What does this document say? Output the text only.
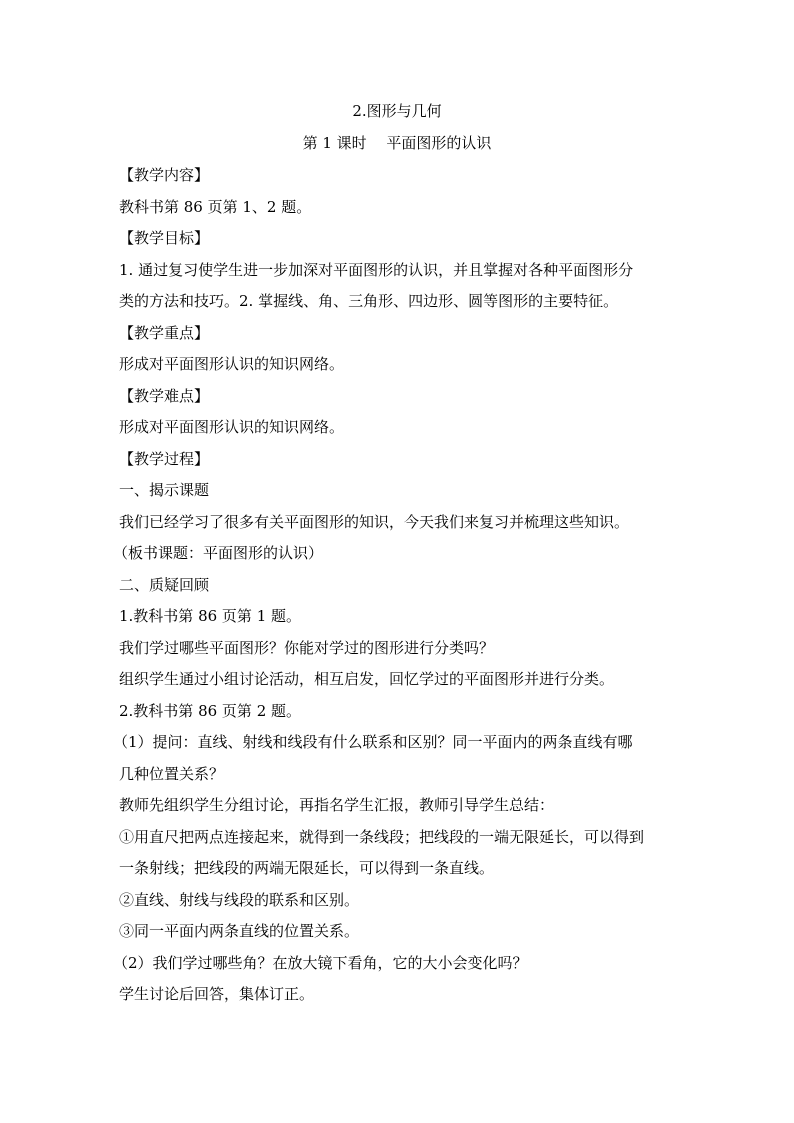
2.图形与几何
第 1 课时　 平面图形的认识
【教学内容】
教科书第 86 页第 1、2 题。
【教学目标】
1. 通过复习使学生进一步加深对平面图形的认识，并且掌握对各种平面图形分
类的方法和技巧。2. 掌握线、角、三角形、四边形、圆等图形的主要特征。
【教学重点】
形成对平面图形认识的知识网络。
【教学难点】
形成对平面图形认识的知识网络。
【教学过程】
一、揭示课题
我们已经学习了很多有关平面图形的知识，今天我们来复习并梳理这些知识。
（板书课题：平面图形的认识）
二、质疑回顾
1.教科书第 86 页第 1 题。
我们学过哪些平面图形？你能对学过的图形进行分类吗？
组织学生通过小组讨论活动，相互启发，回忆学过的平面图形并进行分类。
2.教科书第 86 页第 2 题。
（1）提问：直线、射线和线段有什么联系和区别？同一平面内的两条直线有哪
几种位置关系？
教师先组织学生分组讨论，再指名学生汇报，教师引导学生总结：
①用直尺把两点连接起来，就得到一条线段；把线段的一端无限延长，可以得到
一条射线；把线段的两端无限延长，可以得到一条直线。
②直线、射线与线段的联系和区别。
③同一平面内两条直线的位置关系。
（2）我们学过哪些角？在放大镜下看角，它的大小会变化吗？
学生讨论后回答，集体订正。
